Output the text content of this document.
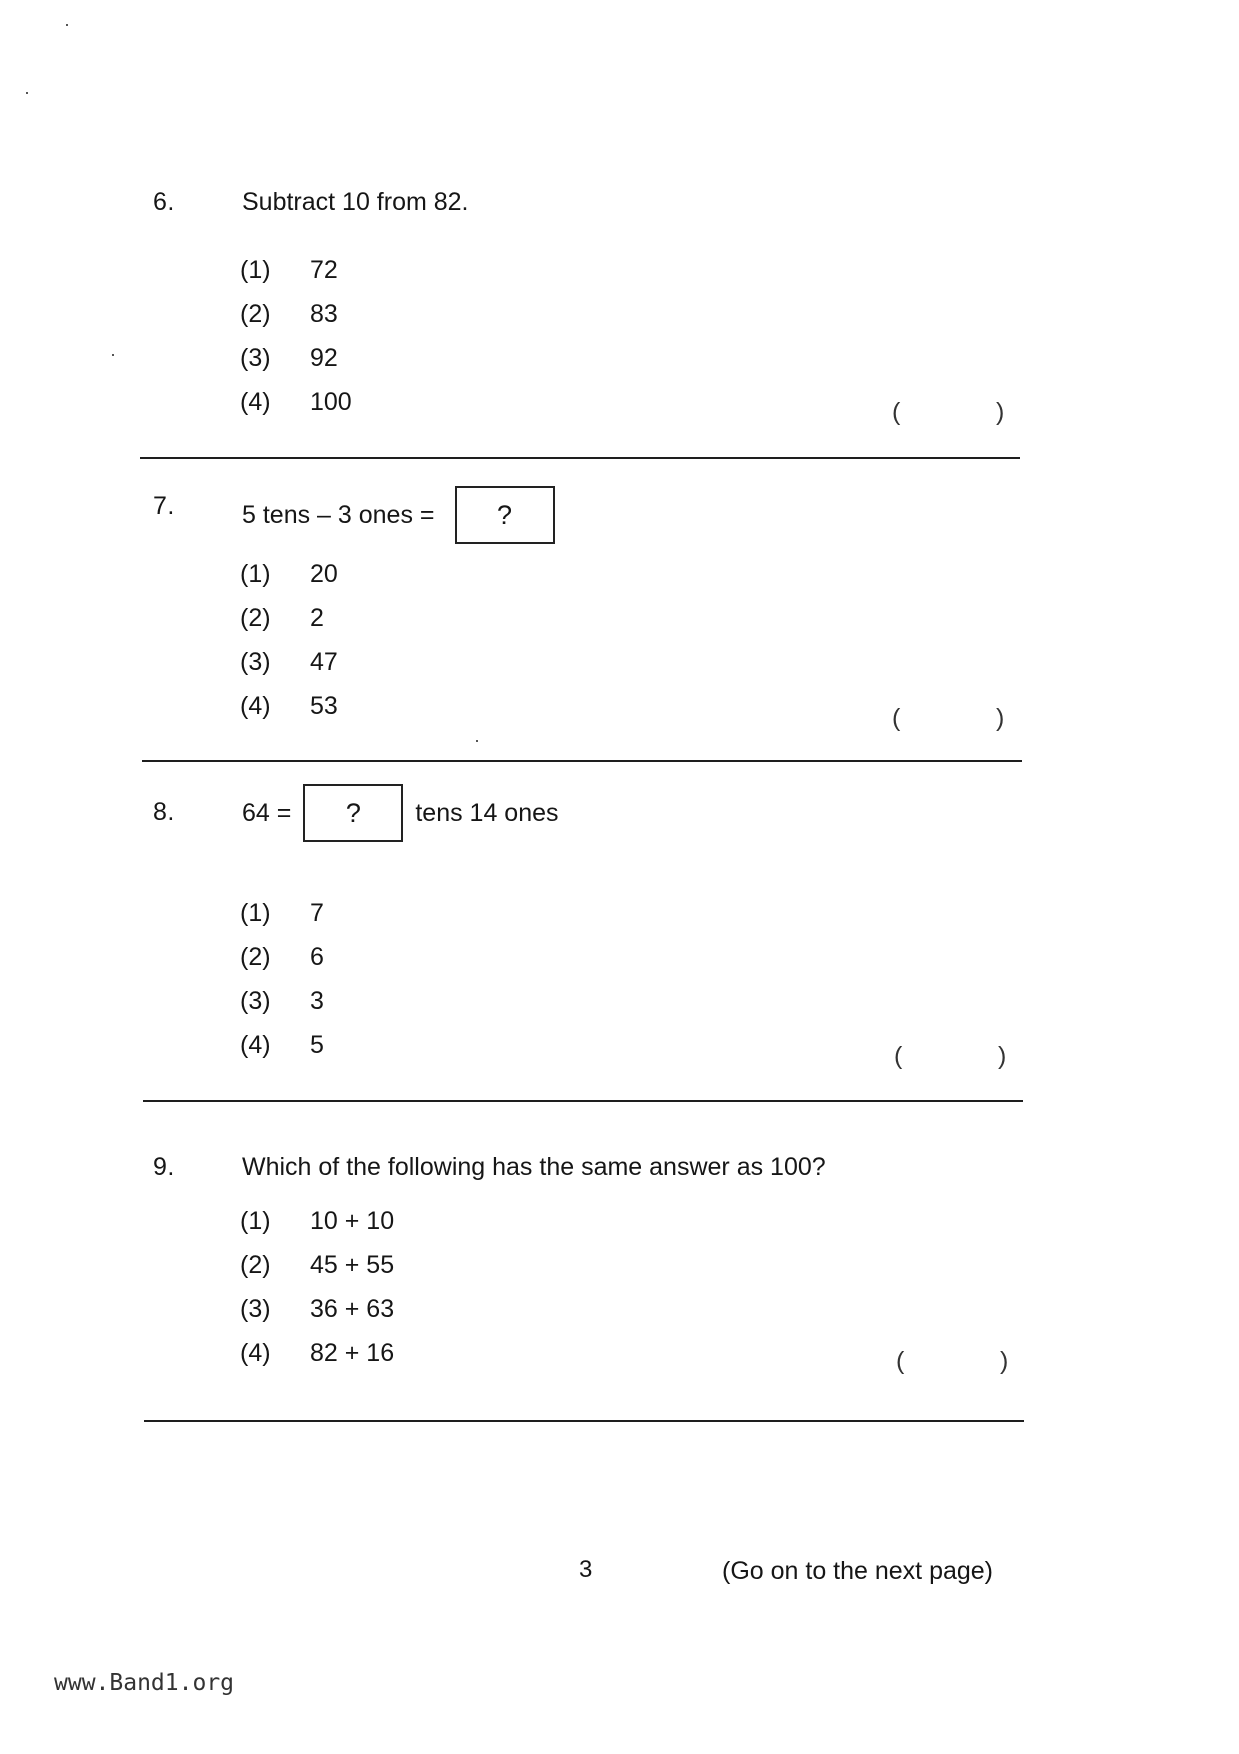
6.	Subtract 10 from 82.
(1) 72
(2) 83
(3) 92
(4) 100	(	)
7.	5 tens – 3 ones =	?
(1) 20
(2) 2
(3) 47
(4) 53	(	)
8.	64 =	?	tens 14 ones
(1) 7
(2) 6
(3) 3
(4) 5	(	)
9.	Which of the following has the same answer as 100?
(1) 10 + 10
(2) 45 + 55
(3) 36 + 63
(4) 82 + 16	(	)
3	(Go on to the next page)
www.Band1.org
